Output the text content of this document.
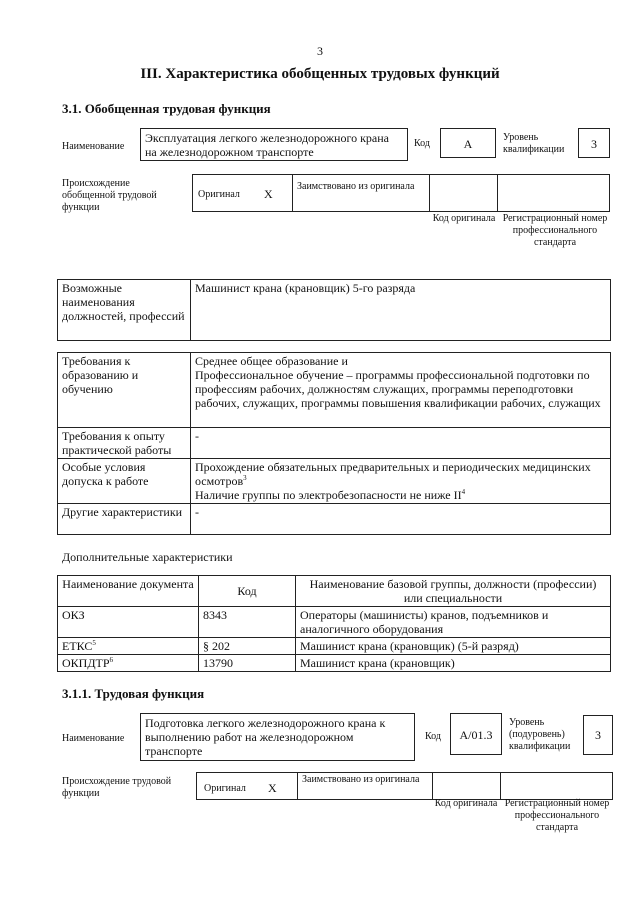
3
III. Характеристика обобщенных трудовых функций
3.1. Обобщенная трудовая функция
Наименование
Эксплуатация легкого железнодорожного крана на железнодорожном транспорте
Код	A	Уровень квалификации	3
Происхождение обобщенной трудовой функции
Оригинал X
Заимствовано из оригинала
Код оригинала Регистрационный номер профессионального стандарта
Возможные наименования должностей, профессий	Машинист крана (крановщик) 5-го разряда
Требования к образованию и обучению	Среднее общее образование и
Профессиональное обучение – программы профессиональной подготовки по профессиям рабочих, должностям служащих, программы переподготовки рабочих, служащих, программы повышения квалификации рабочих, служащих

Требования к опыту практической работы	-
Особые условия допуска к работе	Прохождение обязательных предварительных и периодических медицинских осмотров$^3$
Наличие группы по электробезопасности не ниже $II^4$

Другие характеристики	-
Дополнительные характеристики
Наименование документа	Код	Наименование базовой группы, должности (профессии) или специальности
ОКЗ	8343	Операторы (машинисты) кранов, подъемников и аналогичного оборудования
ЕТКС$^5$	§ 202	Машинист крана (крановщик) (5-й разряд)
ОКПДТР$^6$	13790	Машинист крана (крановщик)
3.1.1. Трудовая функция
Наименование
Подготовка легкого железнодорожного крана к выполнению работ на железнодорожном транспорте
Код	A/01.3
Уровень (подуровень) квалификации
3
Происхождение трудовой функции	Оригинал X
Заимствовано из оригинала
Код оригинала Регистрационный номер профессионального стандарта
